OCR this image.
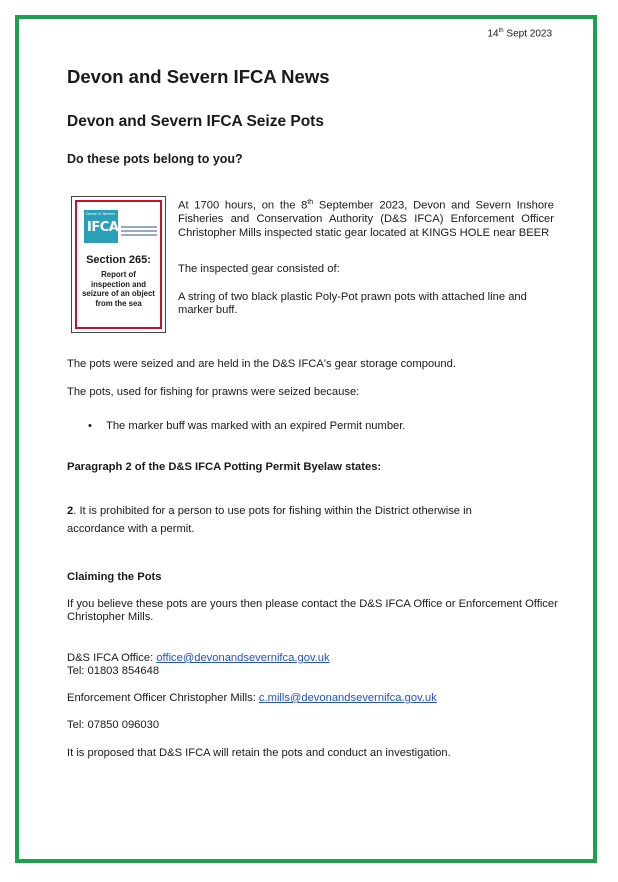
14th Sept 2023
Devon and Severn IFCA News
Devon and Severn IFCA Seize Pots

Do these pots belong to you?

Devon & Severn
IFCA
Section 265:
Report of
inspection and
seizure of an object
from the sea
At 1700 hours, on the 8th September 2023, Devon and Severn Inshore Fisheries and Conservation Authority (D&S IFCA) Enforcement Officer Christopher Mills inspected static gear located at KINGS HOLE near BEER
The inspected gear consisted of:
A string of two black plastic Poly-Pot prawn pots with attached line and marker buff.
The pots were seized and are held in the D&S IFCA's gear storage compound.
The pots, used for fishing for prawns were seized because:
• The marker buff was marked with an expired Permit number.
Paragraph 2 of the D&S IFCA Potting Permit Byelaw states:
2. It is prohibited for a person to use pots for fishing within the District otherwise in accordance with a permit.
Claiming the Pots
If you believe these pots are yours then please contact the D&S IFCA Office or Enforcement Officer Christopher Mills.
D&S IFCA Office: office@devonandsevernifca.gov.uk
Tel: 01803 854648
Enforcement Officer Christopher Mills: c.mills@devonandsevernifca.gov.uk
Tel: 07850 096030
It is proposed that D&S IFCA will retain the pots and conduct an investigation.
